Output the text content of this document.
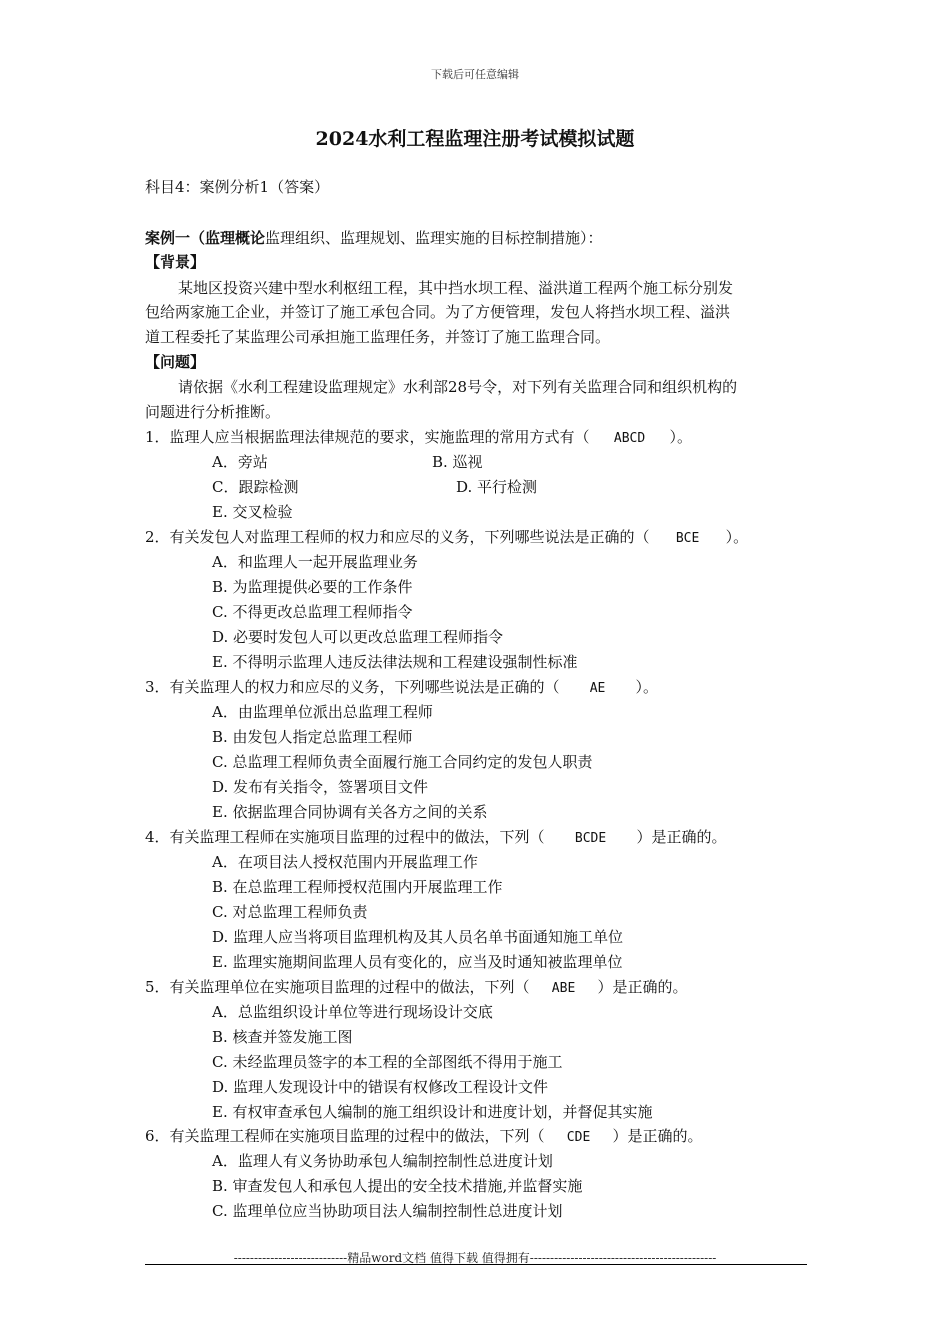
下载后可任意编辑
2024水利工程监理注册考试模拟试题
科目4：案例分析1（答案）
案例一（监理概论监理组织、监理规划、监理实施的目标控制措施）：
【背景】
某地区投资兴建中型水利枢纽工程，其中挡水坝工程、溢洪道工程两个施工标分别发
包给两家施工企业，并签订了施工承包合同。为了方便管理，发包人将挡水坝工程、溢洪
道工程委托了某监理公司承担施工监理任务，并签订了施工监理合同。
【问题】
请依据《水利工程建设监理规定》水利部28号令，对下列有关监理合同和组织机构的
问题进行分析推断。
1．监理人应当根据监理法律规范的要求，实施监理的常用方式有（ ABCD ）。
A．旁站	B. 巡视
C．跟踪检测	D. 平行检测
E. 交叉检验
2．有关发包人对监理工程师的权力和应尽的义务，下列哪些说法是正确的（ BCE ）。
A．和监理人一起开展监理业务
B. 为监理提供必要的工作条件
C. 不得更改总监理工程师指令
D. 必要时发包人可以更改总监理工程师指令
E. 不得明示监理人违反法律法规和工程建设强制性标准
3．有关监理人的权力和应尽的义务，下列哪些说法是正确的（ AE ）。
A．由监理单位派出总监理工程师
B. 由发包人指定总监理工程师
C. 总监理工程师负责全面履行施工合同约定的发包人职责
D. 发布有关指令，签署项目文件
E. 依据监理合同协调有关各方之间的关系
4．有关监理工程师在实施项目监理的过程中的做法，下列（ BCDE ）是正确的。
A．在项目法人授权范围内开展监理工作
B. 在总监理工程师授权范围内开展监理工作
C. 对总监理工程师负责
D. 监理人应当将项目监理机构及其人员名单书面通知施工单位
E. 监理实施期间监理人员有变化的，应当及时通知被监理单位
5．有关监理单位在实施项目监理的过程中的做法，下列（ ABE ）是正确的。
A．总监组织设计单位等进行现场设计交底
B. 核查并签发施工图
C. 未经监理员签字的本工程的全部图纸不得用于施工
D. 监理人发现设计中的错误有权修改工程设计文件
E. 有权审查承包人编制的施工组织设计和进度计划，并督促其实施
6．有关监理工程师在实施项目监理的过程中的做法，下列（ CDE ）是正确的。
A．监理人有义务协助承包人编制控制性总进度计划
B. 审查发包人和承包人提出的安全技术措施,并监督实施
C. 监理单位应当协助项目法人编制控制性总进度计划
----------------------------精品word文档 值得下载 值得拥有----------------------------------------------
